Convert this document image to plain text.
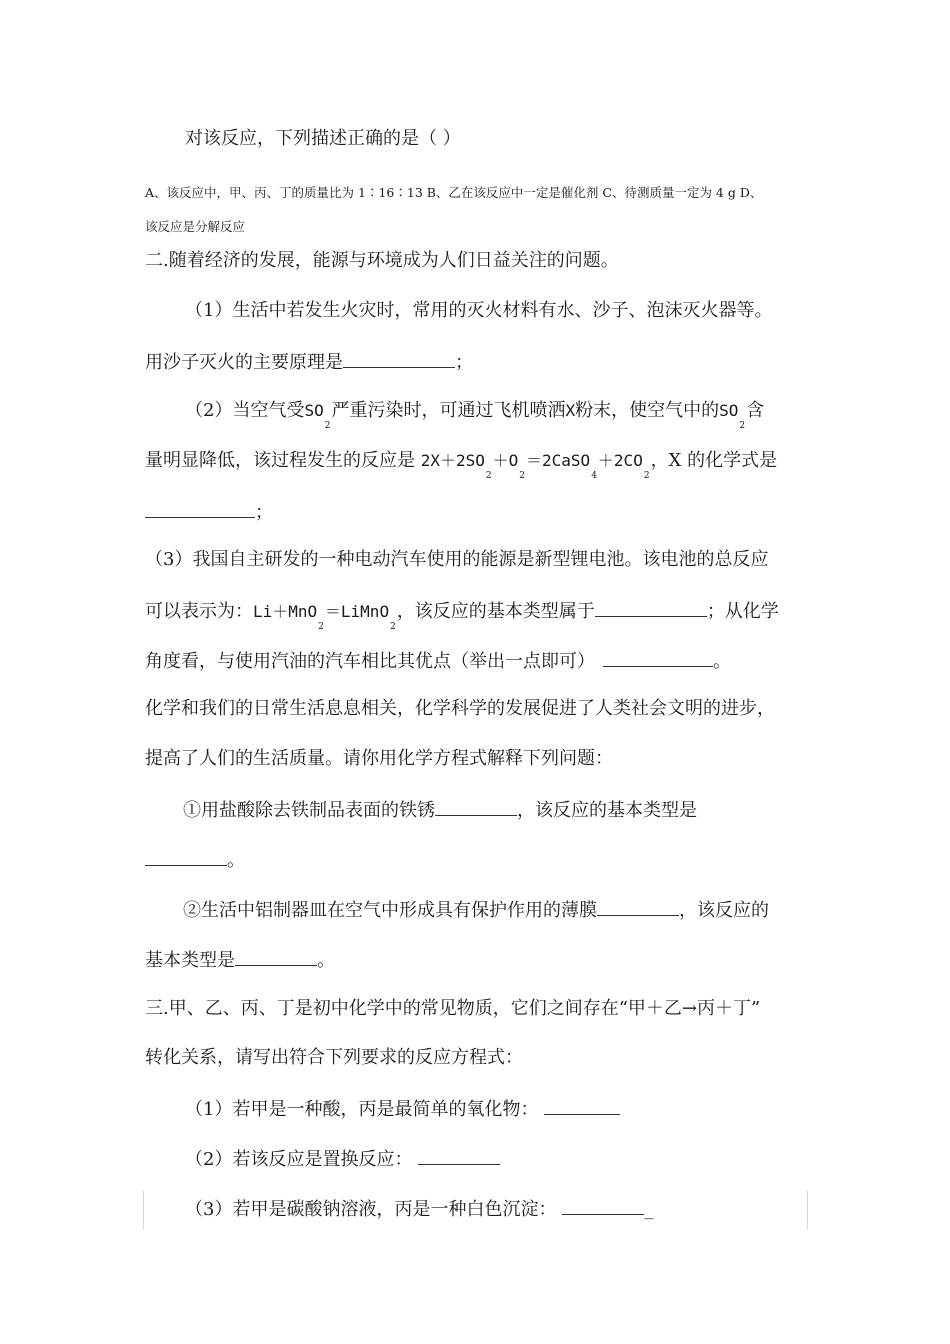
对该反应，下列描述正确的是（ ）
A、该反应中，甲、丙、丁的质量比为 1∶16∶13 B、乙在该反应中一定是催化剂 C、待测质量一定为 4 g D、
该反应是分解反应
二.随着经济的发展，能源与环境成为人们日益关注的问题。
（1）生活中若发生火灾时，常用的灭火材料有水、沙子、泡沫灭火器等。
用沙子灭火的主要原理是	；
（2）当空气受$SO_2$严重污染时，可通过飞机喷洒X粉末，使空气中的$SO_2$含
量明显降低，该过程发生的反应是 $2X+2SO_2+O_2=2CaSO_4+2CO_2$，X 的化学式是
；
（3）我国自主研发的一种电动汽车使用的能源是新型锂电池。该电池的总反应
可以表示为：Li＋MnO$_2$＝LiMnO$_2$，该反应的基本类型属于	；从化学
角度看，与使用汽油的汽车相比其优点（举出一点即可）	。
化学和我们的日常生活息息相关，化学科学的发展促进了人类社会文明的进步，
提高了人们的生活质量。请你用化学方程式解释下列问题：
①用盐酸除去铁制品表面的铁锈	，该反应的基本类型是
。
②生活中铝制器皿在空气中形成具有保护作用的薄膜	，该反应的
基本类型是	。
三.甲、乙、丙、丁是初中化学中的常见物质，它们之间存在“甲＋乙→丙＋丁”
转化关系，请写出符合下列要求的反应方程式：
（1）若甲是一种酸，丙是最简单的氧化物：
（2）若该反应是置换反应：
（3）若甲是碳酸钠溶液，丙是一种白色沉淀：	_
